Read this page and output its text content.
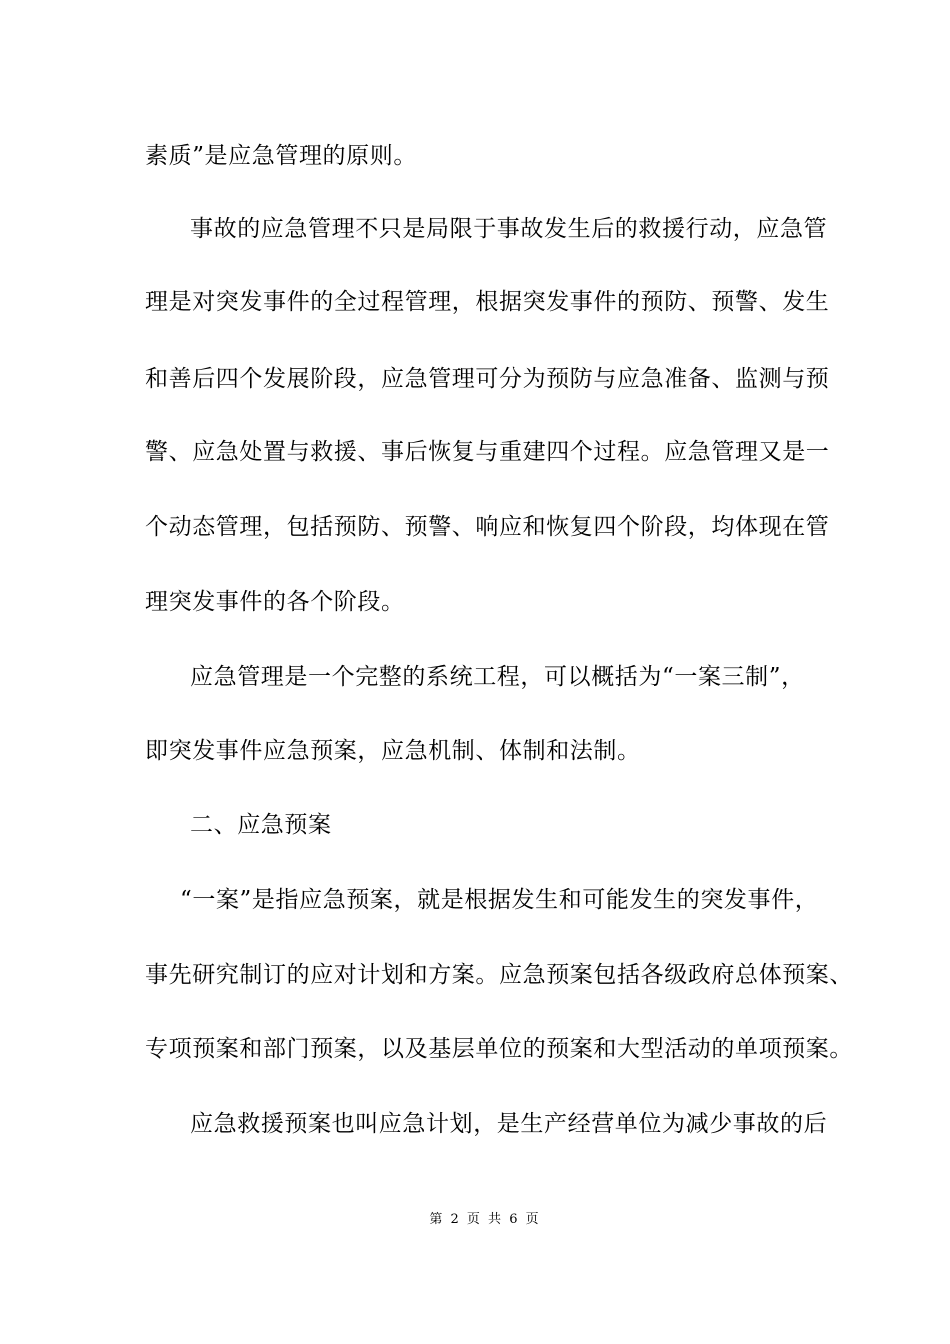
素质”是应急管理的原则。
事故的应急管理不只是局限于事故发生后的救援行动，应急管
理是对突发事件的全过程管理，根据突发事件的预防、预警、发生
和善后四个发展阶段，应急管理可分为预防与应急准备、监测与预
警、应急处置与救援、事后恢复与重建四个过程。应急管理又是一
个动态管理，包括预防、预警、响应和恢复四个阶段，均体现在管
理突发事件的各个阶段。
应急管理是一个完整的系统工程，可以概括为“一案三制”，
即突发事件应急预案，应急机制、体制和法制。
二、应急预案
“一案”是指应急预案，就是根据发生和可能发生的突发事件，
事先研究制订的应对计划和方案。应急预案包括各级政府总体预案、
专项预案和部门预案，以及基层单位的预案和大型活动的单项预案。
应急救援预案也叫应急计划，是生产经营单位为减少事故的后
第 2 页 共 6 页
